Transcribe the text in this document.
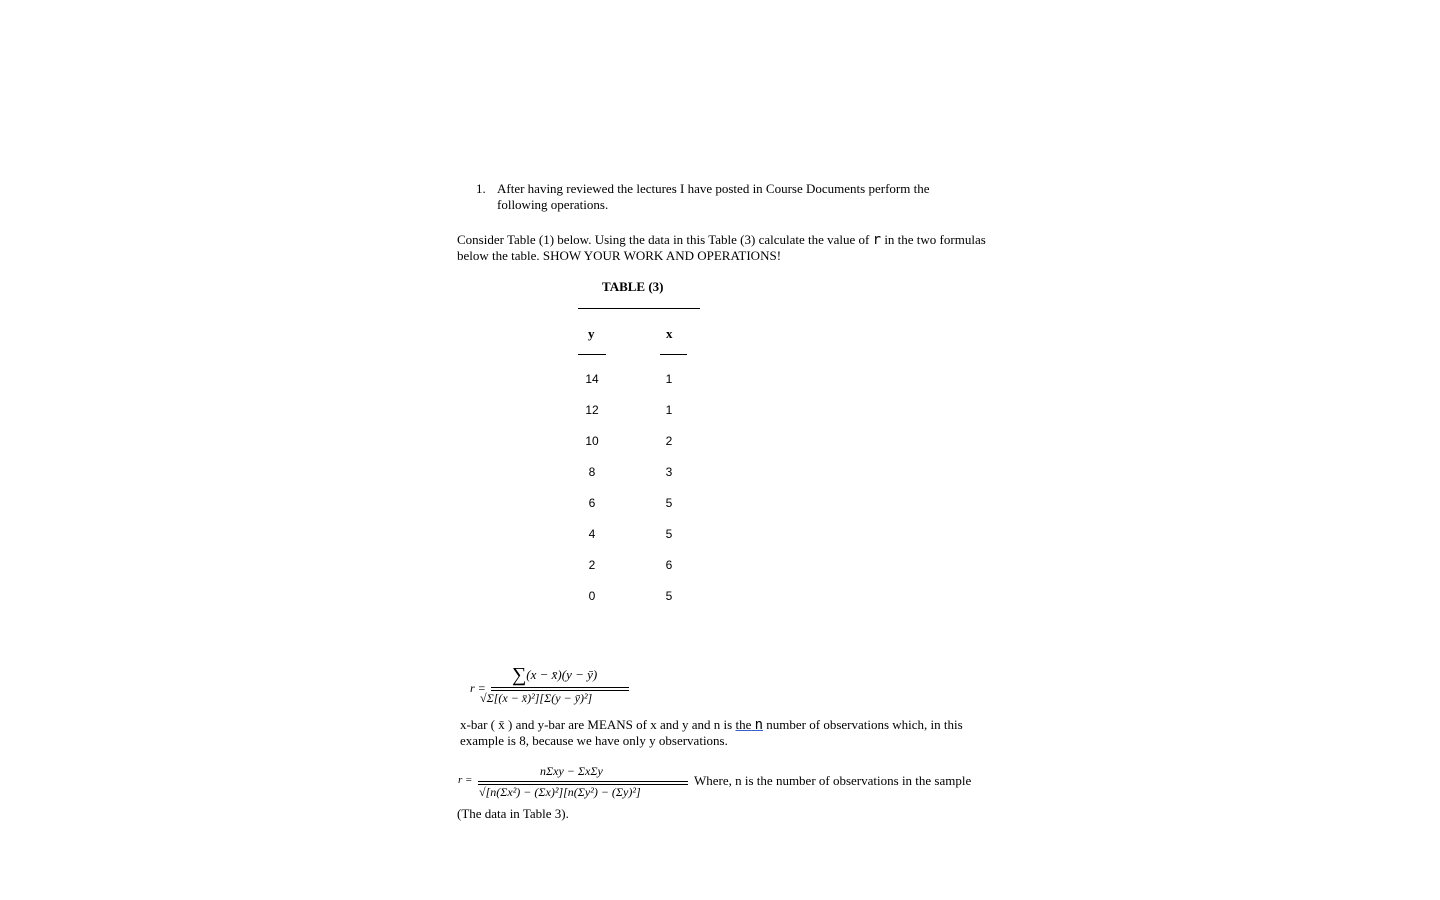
1. After having reviewed the lectures I have posted in Course Documents perform the following operations.
Consider Table (1) below. Using the data in this Table (3) calculate the value of r in the two formulas below the table. SHOW YOUR WORK AND OPERATIONS!
TABLE (3)
y	x
14	1
12	1
10	2
8	3
6	5
4	5
2	6
0	5
r =
∑(x − x̄)(y − ȳ)
√Σ[(x − x̄)²][Σ(y − ȳ)²]
x-bar ( x̄ ) and y-bar are MEANS of x and y and n is the n number of observations which, in this example is 8, because we have only y observations.
r =
nΣxy − ΣxΣy
√[n(Σx²) − (Σx)²][n(Σy²) − (Σy)²]
Where, n is the number of observations in the sample
(The data in Table 3).
